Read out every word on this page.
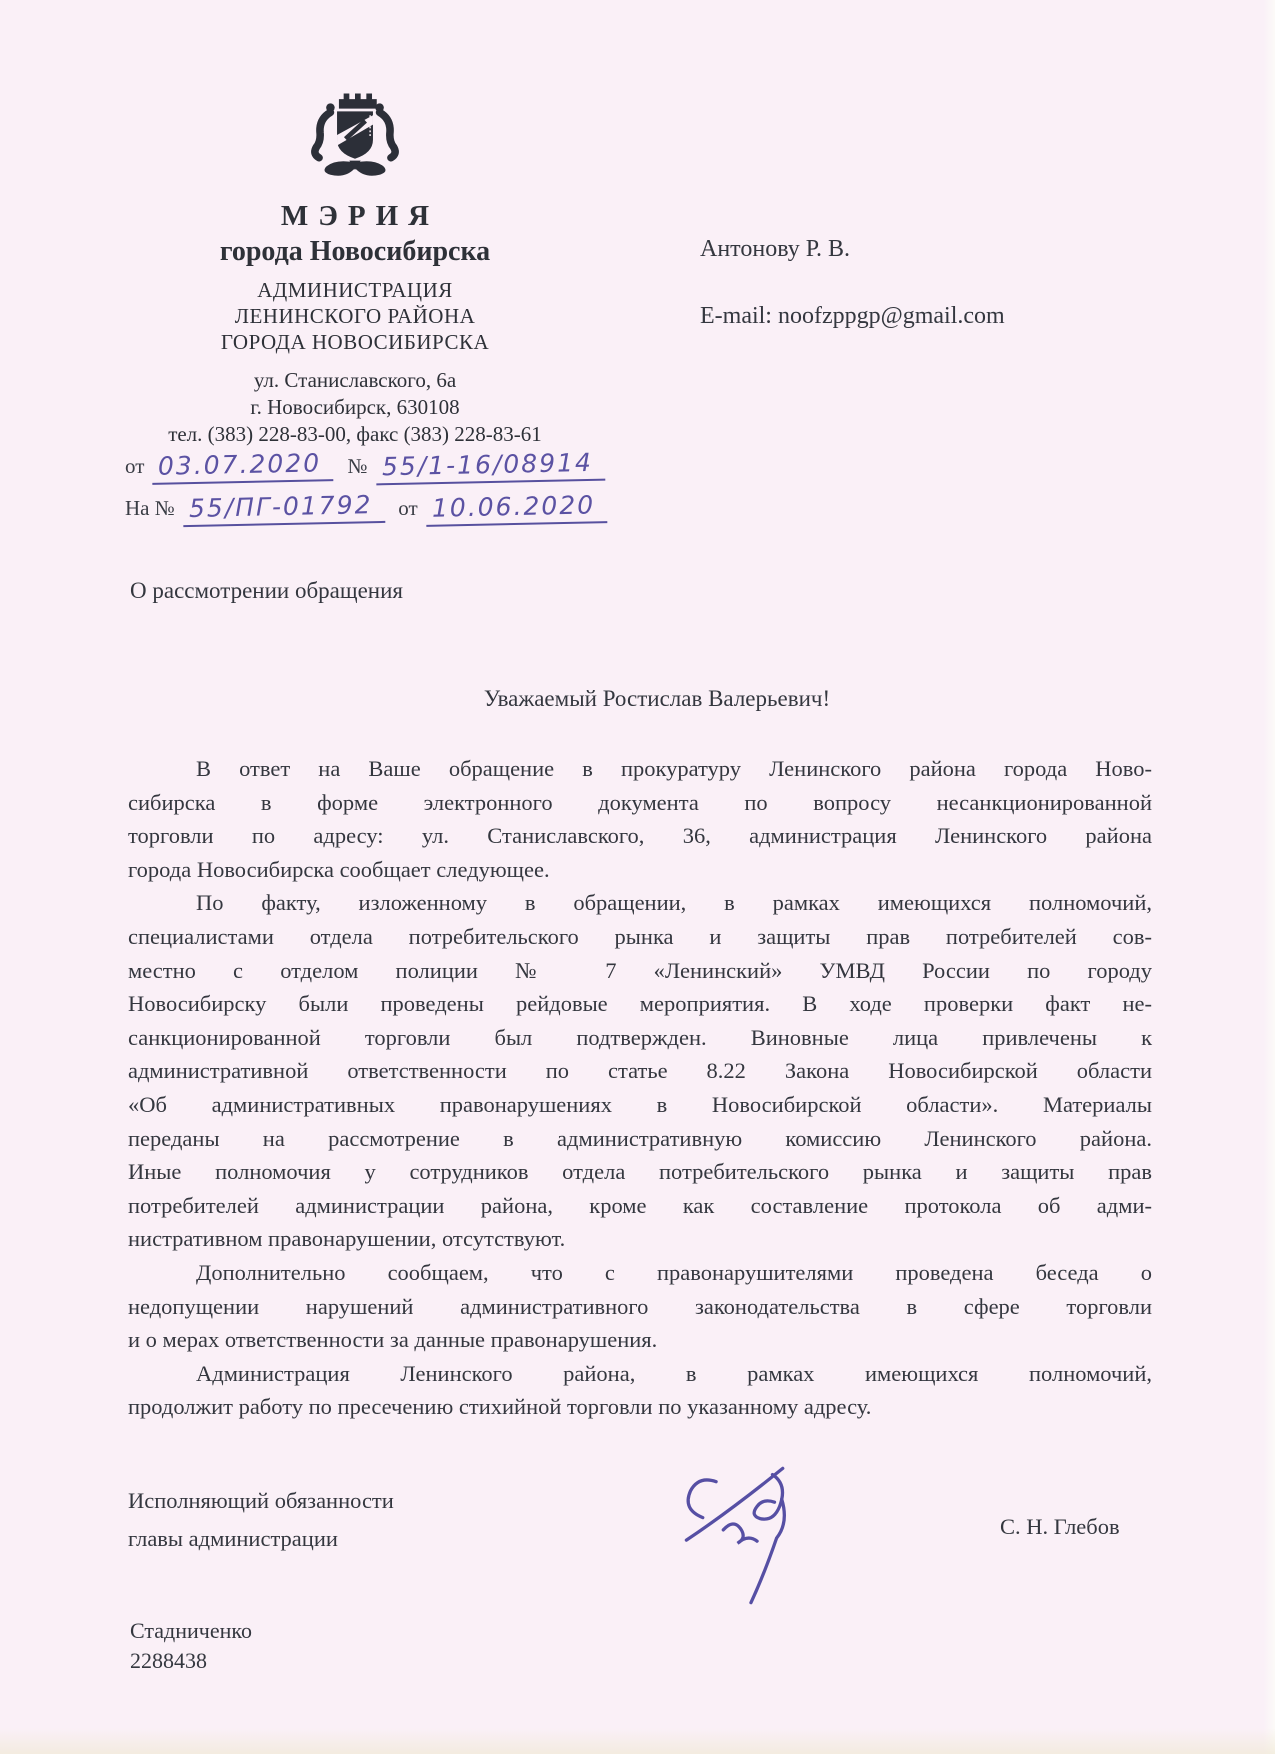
МЭРИЯ
города Новосибирска
АДМИНИСТРАЦИЯ
ЛЕНИНСКОГО РАЙОНА
ГОРОДА НОВОСИБИРСКА
ул. Станиславского, 6а
г. Новосибирск, 630108
тел. (383) 228-83-00, факс (383) 228-83-61
от 03.07.2020 № 55/1-16/08914
На № 55/ПГ-01792 от 10.06.2020
Антонову Р. В.
E-mail: noofzppgp@gmail.com
О рассмотрении обращения
Уважаемый Ростислав Валерьевич!
В ответ на Ваше обращение в прокуратуру Ленинского района города Ново-
сибирска в форме электронного документа по вопросу несанкционированной
торговли по адресу: ул. Станиславского, 36, администрация Ленинского района
города Новосибирска сообщает следующее.
По факту, изложенному в обращении, в рамках имеющихся полномочий,
специалистами отдела потребительского рынка и защиты прав потребителей сов-
местно с отделом полиции № 7 «Ленинский» УМВД России по городу
Новосибирску были проведены рейдовые мероприятия. В ходе проверки факт не-
санкционированной торговли был подтвержден. Виновные лица привлечены к
административной ответственности по статье 8.22 Закона Новосибирской области
«Об административных правонарушениях в Новосибирской области». Материалы
переданы на рассмотрение в административную комиссию Ленинского района.
Иные полномочия у сотрудников отдела потребительского рынка и защиты прав
потребителей администрации района, кроме как составление протокола об адми-
нистративном правонарушении, отсутствуют.
Дополнительно сообщаем, что с правонарушителями проведена беседа о
недопущении нарушений административного законодательства в сфере торговли
и о мерах ответственности за данные правонарушения.
Администрация Ленинского района, в рамках имеющихся полномочий,
продолжит работу по пресечению стихийной торговли по указанному адресу.
Исполняющий обязанности
главы администрации	С. Н. Глебов
Стадниченко
2288438
